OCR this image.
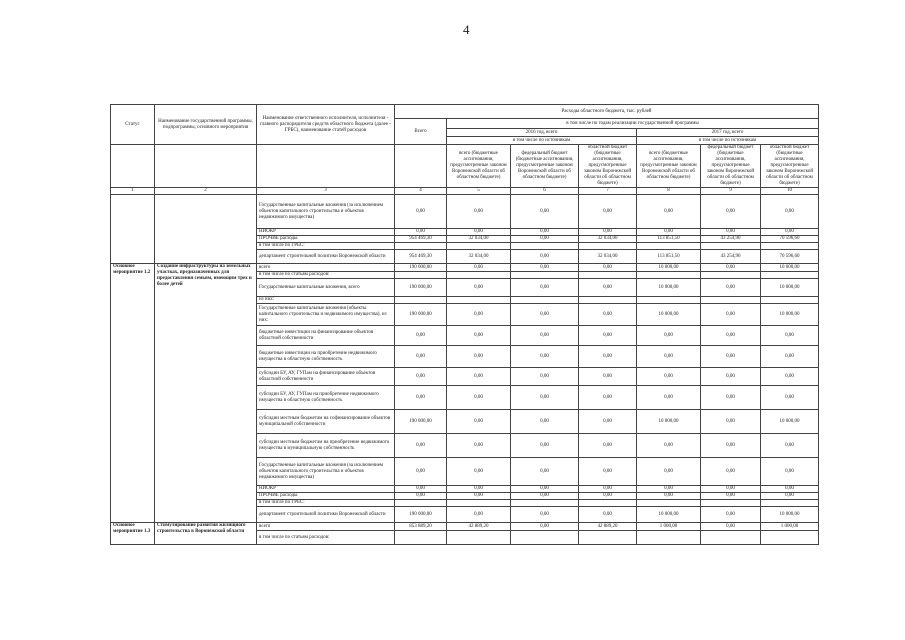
4
Статус	Наименование государственной программы, подпрограммы, основного мероприятия	Наименование ответственного исполнителя, исполнителя - главного распорядителя средств областного бюджета (далее - ГРБС), наименование статей расходов	Расходы областного бюджета, тыс. рублей						
			Всего	в том числе по годам реализации государственной программы					
				2016 год, всего			2017 год, всего		
				в том числе по источникам			в том числе по источникам		
				всего (бюджетные ассигнования, предусмотренные законом Воронежской области об областном бюджете)	федеральный бюджет (бюджетные ассигнования, предусмотренные законом Воронежской области об областном бюджете)	областной бюджет (бюджетные ассигнования, предусмотренные законом Воронежской области об областном бюджете)	всего (бюджетные ассигнования, предусмотренные законом Воронежской области об областном бюджете)	федеральный бюджет (бюджетные ассигнования, предусмотренные законом Воронежской области об областном бюджете)	областной бюджет (бюджетные ассигнования, предусмотренные законом Воронежской области об областном бюджете)
1	2	3	4	5	6	7	8	9	10
		Государственные капитальные вложения (за исключением объектов капитального строительства и объектов недвижимого имущества)	0,00	0,00	0,00	0,00	0,00	0,00	0,00
		НИОКР	0,00	0,00	0,00	0,00	0,00	0,00	0,00
		ПРОЧИЕ расходы	954 469,30	32 034,00	0,00	32 034,00	113 851,50	43 254,90	70 596,60
		в том числе по ГРБС:							
		департамент строительной политики Воронежской области	954 469,30	32 034,00	0,00	32 034,00	113 851,50	43 254,90	70 596,60
Основное мероприятие 1.2	Создание инфраструктуры на земельных участках, предназначенных для предоставления семьям, имеющим трех и более детей	всего	190 000,00	0,00	0,00	0,00	10 000,00	0,00	10 000,00
		в том числе по статьям расходов:							
		Государственные капитальные вложения, всего	190 000,00	0,00	0,00	0,00	10 000,00	0,00	10 000,00
		из них:							
		Государственные капитальные вложения (объекты капитального строительства и недвижимого имущества), из них:	190 000,00	0,00	0,00	0,00	10 000,00	0,00	10 000,00
		бюджетные инвестиции на финансирование объектов областной собственности	0,00	0,00	0,00	0,00	0,00	0,00	0,00
		бюджетные инвестиции на приобретение недвижимого имущества в областную собственность	0,00	0,00	0,00	0,00	0,00	0,00	0,00
		субсидии БУ, АУ, ГУПам на финансирование объектов областной собственности	0,00	0,00	0,00	0,00	0,00	0,00	0,00
		субсидии БУ, АУ, ГУПам на приобретение недвижимого имущества в областную собственность	0,00	0,00	0,00	0,00	0,00	0,00	0,00
		субсидии местным бюджетам на софинансирование объектов муниципальной собственности	190 000,00	0,00	0,00	0,00	10 000,00	0,00	10 000,00
		субсидии местным бюджетам на приобретение недвижимого имущества в муниципальную собственность	0,00	0,00	0,00	0,00	0,00	0,00	0,00
		Государственные капитальные вложения (за исключением объектов капитального строительства и объектов недвижимого имущества)	0,00	0,00	0,00	0,00	0,00	0,00	0,00
		НИОКР	0,00	0,00	0,00	0,00	0,00	0,00	0,00
		ПРОЧИЕ расходы	0,00	0,00	0,00	0,00	0,00	0,00	0,00
		в том числе по ГРБС:							
		департамент строительной политики Воронежской области	190 000,00	0,00	0,00	0,00	10 000,00	0,00	10 000,00
Основное мероприятие 1.3	Стимулирование развития жилищного строительства в Воронежской области	всего	853 889,20	42 889,20	0,00	42 889,20	1 000,00	0,00	1 000,00
		в том числе по статьям расходов:							
